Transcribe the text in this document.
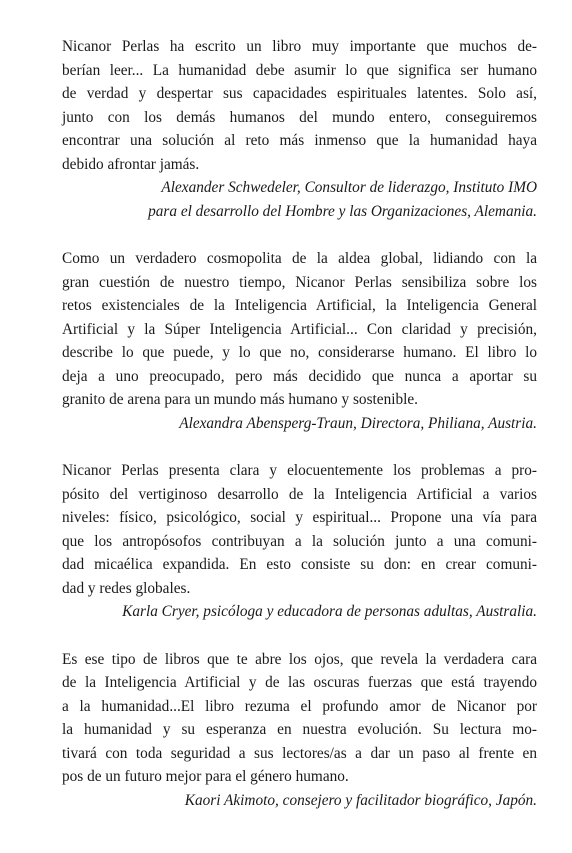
Nicanor Perlas ha escrito un libro muy importante que muchos de-
berían leer... La humanidad debe asumir lo que significa ser humano
de verdad y despertar sus capacidades espirituales latentes. Solo así,
junto con los demás humanos del mundo entero, conseguiremos
encontrar una solución al reto más inmenso que la humanidad haya
debido afrontar jamás.

Alexander Schwedeler, Consultor de liderazgo, Instituto IMO
para el desarrollo del Hombre y las Organizaciones, Alemania.

Como un verdadero cosmopolita de la aldea global, lidiando con la
gran cuestión de nuestro tiempo, Nicanor Perlas sensibiliza sobre los
retos existenciales de la Inteligencia Artificial, la Inteligencia General
Artificial y la Súper Inteligencia Artificial... Con claridad y precisión,
describe lo que puede, y lo que no, considerarse humano. El libro lo
deja a uno preocupado, pero más decidido que nunca a aportar su
granito de arena para un mundo más humano y sostenible.

Alexandra Abensperg-Traun, Directora, Philiana, Austria.

Nicanor Perlas presenta clara y elocuentemente los problemas a pro-
pósito del vertiginoso desarrollo de la Inteligencia Artificial a varios
niveles: físico, psicológico, social y espiritual... Propone una vía para
que los antropósofos contribuyan a la solución junto a una comuni-
dad micaélica expandida. En esto consiste su don: en crear comuni-
dad y redes globales.

Karla Cryer, psicóloga y educadora de personas adultas, Australia.

Es ese tipo de libros que te abre los ojos, que revela la verdadera cara
de la Inteligencia Artificial y de las oscuras fuerzas que está trayendo
a la humanidad...El libro rezuma el profundo amor de Nicanor por
la humanidad y su esperanza en nuestra evolución. Su lectura mo-
tivará con toda seguridad a sus lectores/as a dar un paso al frente en
pos de un futuro mejor para el género humano.

Kaori Akimoto, consejero y facilitador biográfico, Japón.
